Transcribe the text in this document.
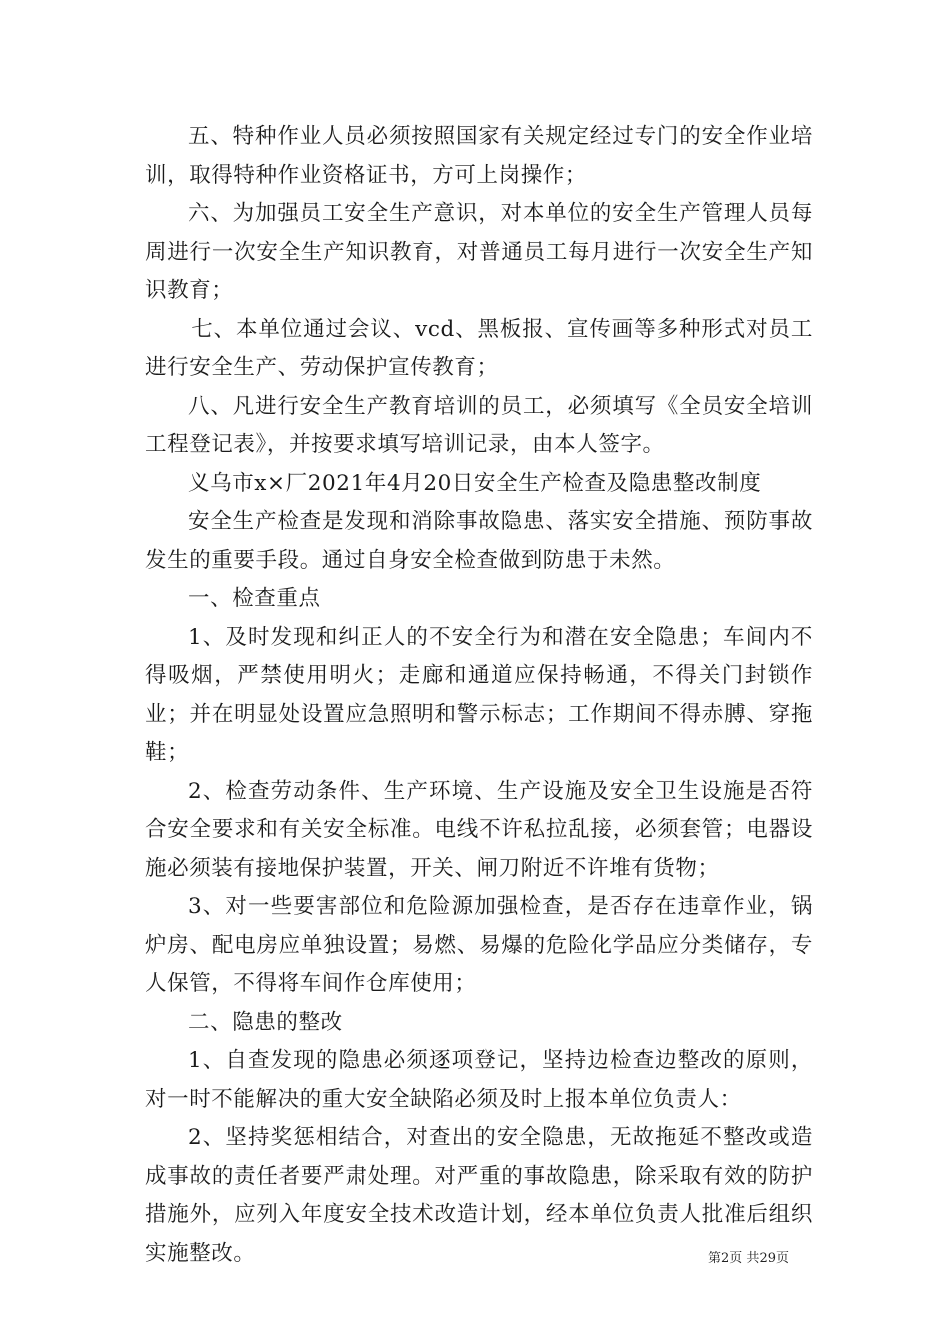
五、特种作业人员必须按照国家有关规定经过专门的安全作业培训，取得特种作业资格证书，方可上岗操作；

六、为加强员工安全生产意识，对本单位的安全生产管理人员每周进行一次安全生产知识教育，对普通员工每月进行一次安全生产知识教育；

七、本单位通过会议、vcd、黑板报、宣传画等多种形式对员工进行安全生产、劳动保护宣传教育；

八、凡进行安全生产教育培训的员工，必须填写《全员安全培训工程登记表》，并按要求填写培训记录，由本人签字。

义乌市x×厂2021年4月20日安全生产检查及隐患整改制度

安全生产检查是发现和消除事故隐患、落实安全措施、预防事故发生的重要手段。通过自身安全检查做到防患于未然。

一、检查重点

1、及时发现和纠正人的不安全行为和潜在安全隐患；车间内不得吸烟，严禁使用明火；走廊和通道应保持畅通，不得关门封锁作业；并在明显处设置应急照明和警示标志；工作期间不得赤膊、穿拖鞋；

2、检查劳动条件、生产环境、生产设施及安全卫生设施是否符合安全要求和有关安全标准。电线不许私拉乱接，必须套管；电器设施必须装有接地保护装置，开关、闸刀附近不许堆有货物；

3、对一些要害部位和危险源加强检查，是否存在违章作业，锅炉房、配电房应单独设置；易燃、易爆的危险化学品应分类储存，专人保管，不得将车间作仓库使用；

二、隐患的整改

1、自查发现的隐患必须逐项登记，坚持边检查边整改的原则，对一时不能解决的重大安全缺陷必须及时上报本单位负责人：

2、坚持奖惩相结合，对查出的安全隐患，无故拖延不整改或造成事故的责任者要严肃处理。对严重的事故隐患，除采取有效的防护措施外，应列入年度安全技术改造计划，经本单位负责人批准后组织实施整改。	第2页 共29页
